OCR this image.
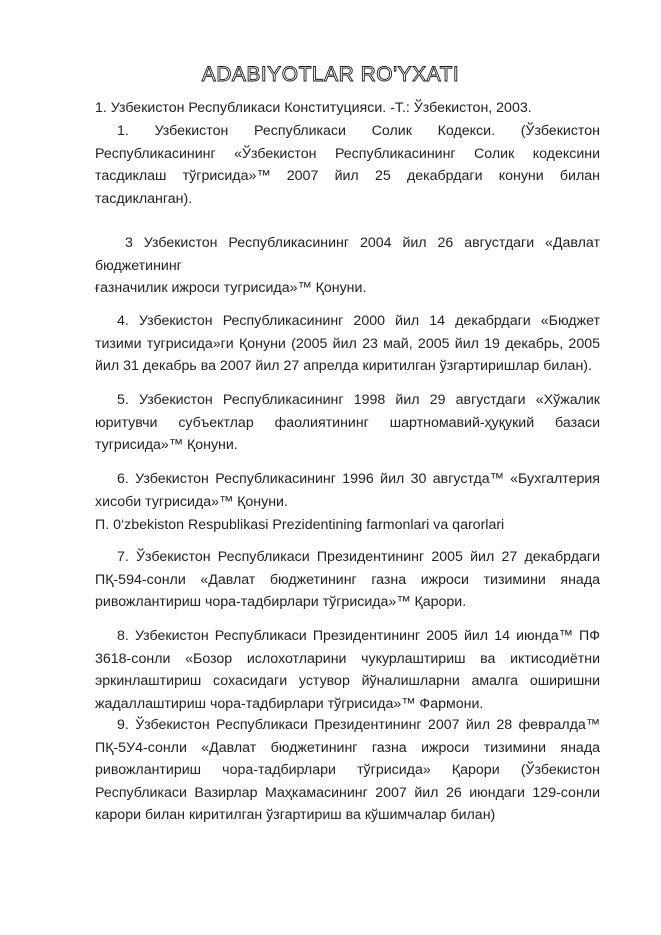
ADABIYOTLAR RO'YXATI
1. Узбекистон Республикаси Конституцияси. -Т.: Ўзбекистон, 2003.
1. Узбекистон Республикаси Солик Кодекси. (Ўзбекистон
Республикасининг «Ўзбекистон Республикасининг Солик кодексини
тасдиклаш тўгрисида»™ 2007 йил 25 декабрдаги конуни билан
тасдикланган).
3 Узбекистон Республикасининг 2004 йил 26 августдаги «Давлат
бюджетининг
ғазначилик ижроси тугрисида»™ Қонуни.
4. Узбекистон Республикасининг 2000 йил 14 декабрдаги «Бюджет
тизими тугрисида»ги Қонуни (2005 йил 23 май, 2005 йил 19 декабрь, 2005
йил 31 декабрь ва 2007 йил 27 апрелда киритилган ўзгартиришлар билан).
5. Узбекистон Республикасининг 1998 йил 29 августдаги «Хўжалик
юритувчи субъектлар фаолиятининг шартномавий-ҳуқукий базаси
тугрисида»™ Қонуни.
6. Узбекистон Республикасининг 1996 йил 30 августда™ «Бухгалтерия
хисоби тугрисида»™ Қонуни.
П. 0‘zbekiston Respublikasi Prezidentining farmonlari va qarorlari
7. Ўзбекистон Республикаси Президентининг 2005 йил 27 декабрдаги
ПҚ-594-сонли «Давлат бюджетининг газна ижроси тизимини янада
ривожлантириш чора-тадбирлари тўгрисида»™ Қарори.
8. Узбекистон Республикаси Президентининг 2005 йил 14 июнда™ ПФ
3618-сонли «Бозор ислохотларини чукурлаштириш ва иктисодиётни
эркинлаштириш сохасидаги устувор йўналишларни амалга оширишни
жадаллаштириш чора-тадбирлари тўгрисида»™ Фармони.
9. Ўзбекистон Республикаси Президентининг 2007 йил 28 февралда™
ПҚ-5У4-сонли «Давлат бюджетининг газна ижроси тизимини янада
ривожлантириш чора-тадбирлари тўгрисида» Қарори (Ўзбекистон
Республикаси Вазирлар Маҳкамасининг 2007 йил 26 июндаги 129-сонли
карори билан киритилган ўзгартириш ва кўшимчалар билан)
